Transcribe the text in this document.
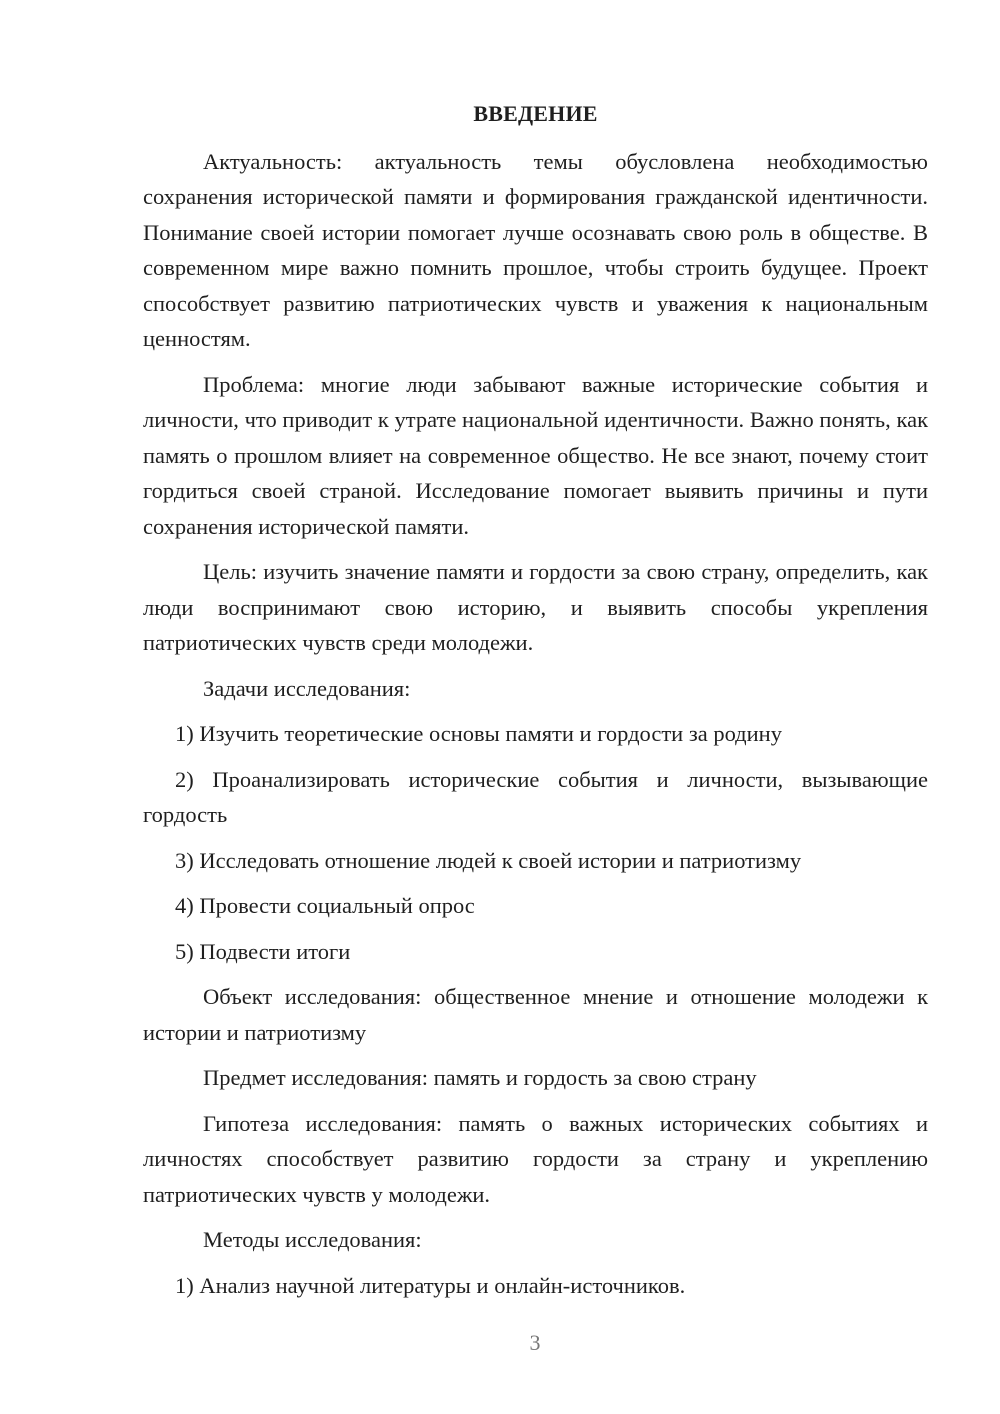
ВВЕДЕНИЕ

Актуальность: актуальность темы обусловлена необходимостью сохранения исторической памяти и формирования гражданской идентичности. Понимание своей истории помогает лучше осознавать свою роль в обществе. В современном мире важно помнить прошлое, чтобы строить будущее. Проект способствует развитию патриотических чувств и уважения к национальным ценностям.

Проблема: многие люди забывают важные исторические события и личности, что приводит к утрате национальной идентичности. Важно понять, как память о прошлом влияет на современное общество. Не все знают, почему стоит гордиться своей страной. Исследование помогает выявить причины и пути сохранения исторической памяти.

Цель: изучить значение памяти и гордости за свою страну, определить, как люди воспринимают свою историю, и выявить способы укрепления патриотических чувств среди молодежи.

Задачи исследования:

1) Изучить теоретические основы памяти и гордости за родину

2) Проанализировать исторические события и личности, вызывающие гордость

3) Исследовать отношение людей к своей истории и патриотизму

4) Провести социальный опрос

5) Подвести итоги

Объект исследования: общественное мнение и отношение молодежи к истории и патриотизму

Предмет исследования: память и гордость за свою страну

Гипотеза исследования: память о важных исторических событиях и личностях способствует развитию гордости за страну и укреплению патриотических чувств у молодежи.

Методы исследования:

1) Анализ научной литературы и онлайн-источников.

3
